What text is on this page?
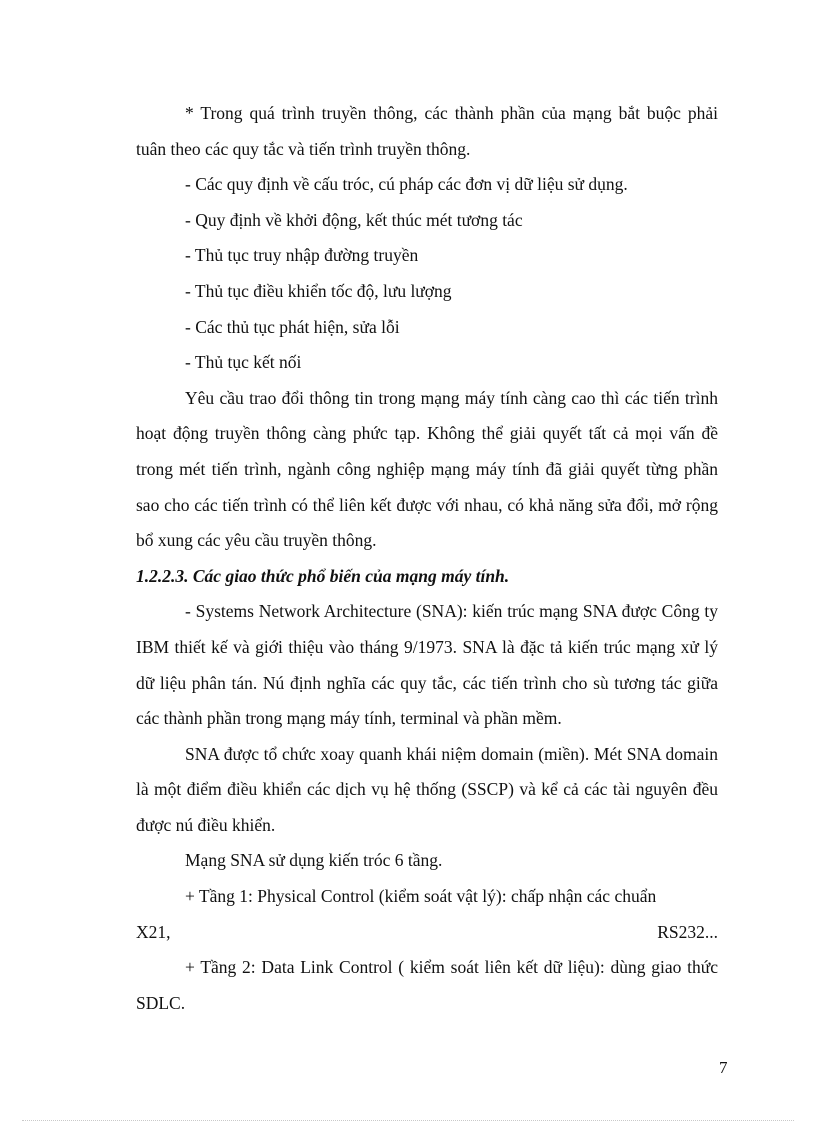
* Trong quá trình truyền thông, các thành phần của mạng bắt buộc phải tuân theo các quy tắc và tiến trình truyền thông.

- Các quy định về cấu tróc, cú pháp các đơn vị dữ liệu sử dụng.

- Quy định về khởi động, kết thúc mét tương tác

- Thủ tục truy nhập đường truyền

- Thủ tục điều khiển tốc độ, lưu lượng

- Các thủ tục phát hiện, sửa lỗi

- Thủ tục kết nối

Yêu cầu trao đổi thông tin trong mạng máy tính càng cao thì các tiến trình hoạt động truyền thông càng phức tạp. Không thể giải quyết tất cả mọi vấn đề trong mét tiến trình, ngành công nghiệp mạng máy tính đã giải quyết từng phần sao cho các tiến trình có thể liên kết được với nhau, có khả năng sửa đổi, mở rộng bổ xung các yêu cầu truyền thông.

1.2.2.3. Các giao thức phổ biến của mạng máy tính.

- Systems Network Architecture (SNA): kiến trúc mạng SNA được Công ty IBM thiết kế và giới thiệu vào tháng 9/1973. SNA là đặc tả kiến trúc mạng xử lý dữ liệu phân tán. Nú định nghĩa các quy tắc, các tiến trình cho sù tương tác giữa các thành phần trong mạng máy tính, terminal và phần mềm.

SNA được tổ chức xoay quanh khái niệm domain (miền). Mét SNA domain là một điểm điều khiển các dịch vụ hệ thống (SSCP) và kể cả các tài nguyên đều được nú điều khiển.

Mạng SNA sử dụng kiến tróc 6 tầng.

+ Tầng 1: Physical Control (kiểm soát vật lý): chấp nhận các chuẩn

X21,	RS232...

+ Tầng 2: Data Link Control ( kiểm soát liên kết dữ liệu): dùng giao thức SDLC.

7
